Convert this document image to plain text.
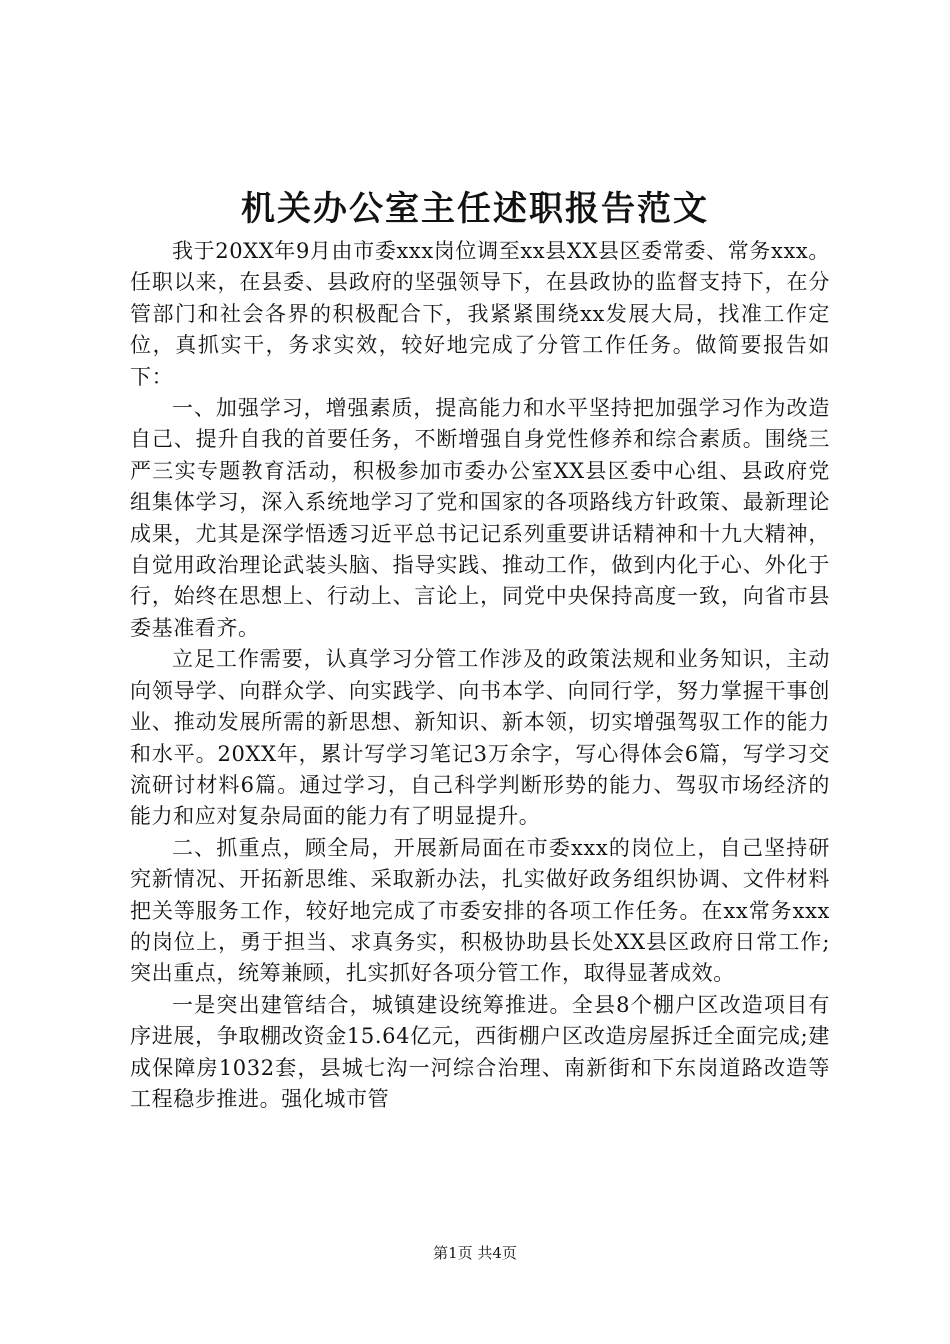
机关办公室主任述职报告范文

我于20XX年9月由市委xxx岗位调至xx县XX县区委常委、常务xxx。任职以来，在县委、县政府的坚强领导下，在县政协的监督支持下，在分管部门和社会各界的积极配合下，我紧紧围绕xx发展大局，找准工作定位，真抓实干，务求实效，较好地完成了分管工作任务。做简要报告如下：

一、加强学习，增强素质，提高能力和水平坚持把加强学习作为改造自己、提升自我的首要任务，不断增强自身党性修养和综合素质。围绕三严三实专题教育活动，积极参加市委办公室XX县区委中心组、县政府党组集体学习，深入系统地学习了党和国家的各项路线方针政策、最新理论成果，尤其是深学悟透习近平总书记记系列重要讲话精神和十九大精神，自觉用政治理论武装头脑、指导实践、推动工作，做到内化于心、外化于行，始终在思想上、行动上、言论上，同党中央保持高度一致，向省市县委基准看齐。

立足工作需要，认真学习分管工作涉及的政策法规和业务知识，主动向领导学、向群众学、向实践学、向书本学、向同行学，努力掌握干事创业、推动发展所需的新思想、新知识、新本领，切实增强驾驭工作的能力和水平。20XX年，累计写学习笔记3万余字，写心得体会6篇，写学习交流研讨材料6篇。通过学习，自己科学判断形势的能力、驾驭市场经济的能力和应对复杂局面的能力有了明显提升。

二、抓重点，顾全局，开展新局面在市委xxx的岗位上，自己坚持研究新情况、开拓新思维、采取新办法，扎实做好政务组织协调、文件材料把关等服务工作，较好地完成了市委安排的各项工作任务。在xx常务xxx的岗位上，勇于担当、求真务实，积极协助县长处XX县区政府日常工作;突出重点，统筹兼顾，扎实抓好各项分管工作，取得显著成效。

一是突出建管结合，城镇建设统筹推进。全县8个棚户区改造项目有序进展，争取棚改资金15.64亿元，西街棚户区改造房屋拆迁全面完成;建成保障房1032套，县城七沟一河综合治理、南新街和下东岗道路改造等工程稳步推进。强化城市管

第1页 共4页
